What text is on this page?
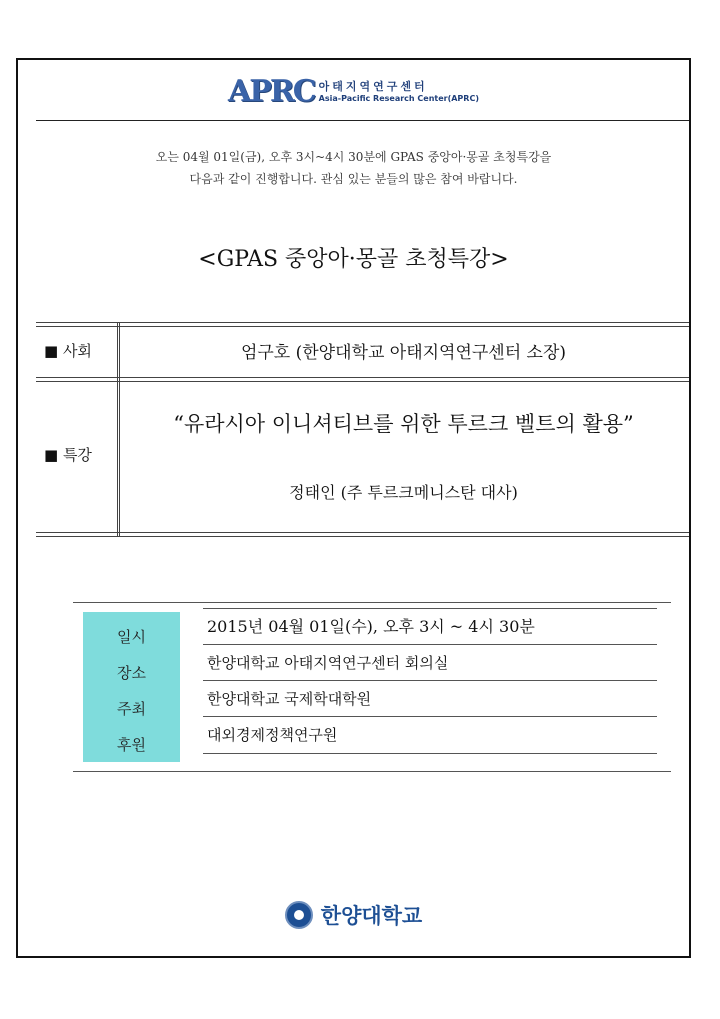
APRC 아태지역연구센터
Asia-Pacific Research Center(APRC)
오는 04월 01일(금), 오후 3시~4시 30분에 GPAS 중앙아·몽골 초청특강을
다음과 같이 진행합니다. 관심 있는 분들의 많은 참여 바랍니다.
<GPAS 중앙아·몽골 초청특강>
■ 사회	엄구호 (한양대학교 아태지역연구센터 소장)
■ 특강
“유라시아 이니셔티브를 위한 투르크 벨트의 활용”
정태인 (주 투르크메니스탄 대사)
일시
장소
주최
후원
2015년 04월 01일(수), 오후 3시 ~ 4시 30분
한양대학교 아태지역연구센터 회의실
한양대학교 국제학대학원
대외경제정책연구원
한양대학교
